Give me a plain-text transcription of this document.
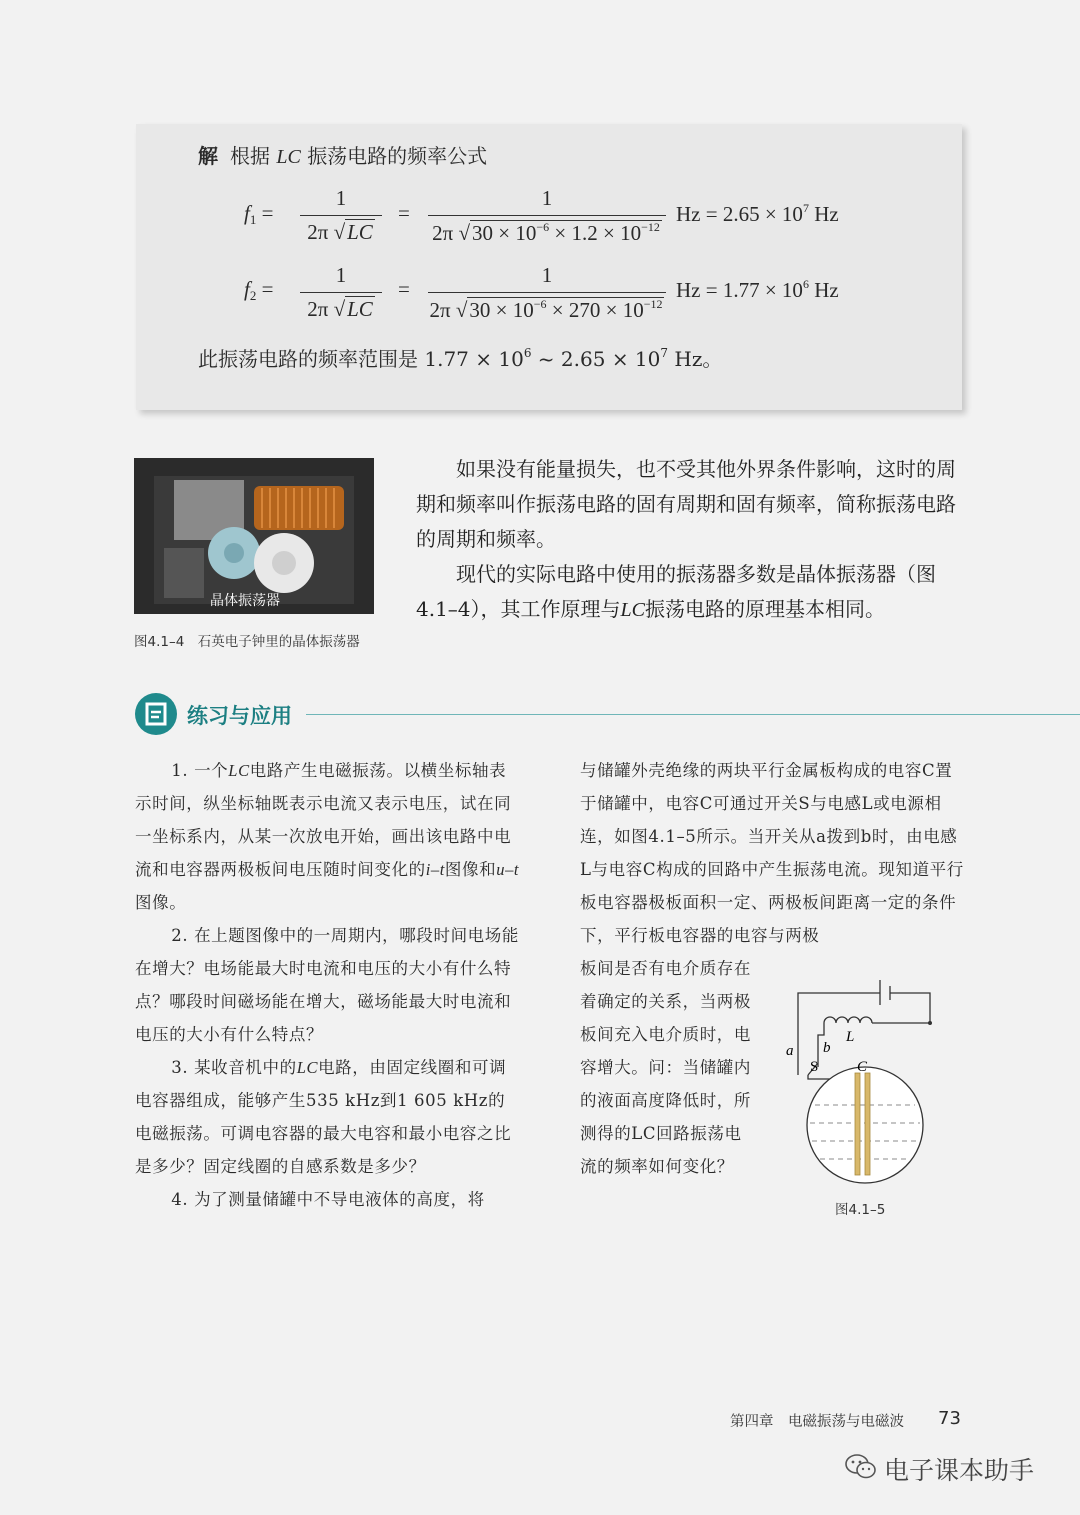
解 根据 LC 振荡电路的频率公式
f1 =
1
2π √LC
=
1
2π $√30 \times 10^{-6} \times 1.2 \times 10^{-12}$
$Hz = 2.65 \times 10^7$ Hz
f2 =
1
2π √LC
=
1
2π $√30 \times 10^{-6} \times 270 \times 10^{-12}$
$Hz = 1.77 \times 10^6$ Hz
此振荡电路的频率范围是 $1.77 \times 10^6$ ~ $2.65 \times 10^7$ Hz。
晶体振荡器
图4.1–4　石英电子钟里的晶体振荡器

如果没有能量损失，也不受其他外界条件影响，这时的周期和频率叫作振荡电路的固有周期和固有频率，简称振荡电路的周期和频率。

现代的实际电路中使用的振荡器多数是晶体振荡器（图4.1–4），其工作原理与LC振荡电路的原理基本相同。

练习与应用

1. 一个LC电路产生电磁振荡。以横坐标轴表示时间，纵坐标轴既表示电流又表示电压，试在同一坐标系内，从某一次放电开始，画出该电路中电流和电容器两极板间电压随时间变化的i–t图像和u–t图像。

2. 在上题图像中的一周期内，哪段时间电场能在增大？电场能最大时电流和电压的大小有什么特点？哪段时间磁场能在增大，磁场能最大时电流和电压的大小有什么特点？

3. 某收音机中的LC电路，由固定线圈和可调电容器组成，能够产生535 kHz到1 605 kHz的电磁振荡。可调电容器的最大电容和最小电容之比是多少？固定线圈的自感系数是多少？

4. 为了测量储罐中不导电液体的高度，将

与储罐外壳绝缘的两块平行金属板构成的电容C置于储罐中，电容C可通过开关S与电感L或电源相连，如图4.1–5所示。当开关从a拨到b时，由电感L与电容C构成的回路中产生振荡电流。现知道平行板电容器极板面积一定、两极板间距离一定的条件下，平行板电容器的电容与两极

板间是否有电介质存在着确定的关系，当两极板间充入电介质时，电容增大。问：当储罐内的液面高度降低时，所测得的LC回路振荡电流的频率如何变化？

a b
S
L
C
图4.1–5
第四章　电磁振荡与电磁波 73
电子课本助手
